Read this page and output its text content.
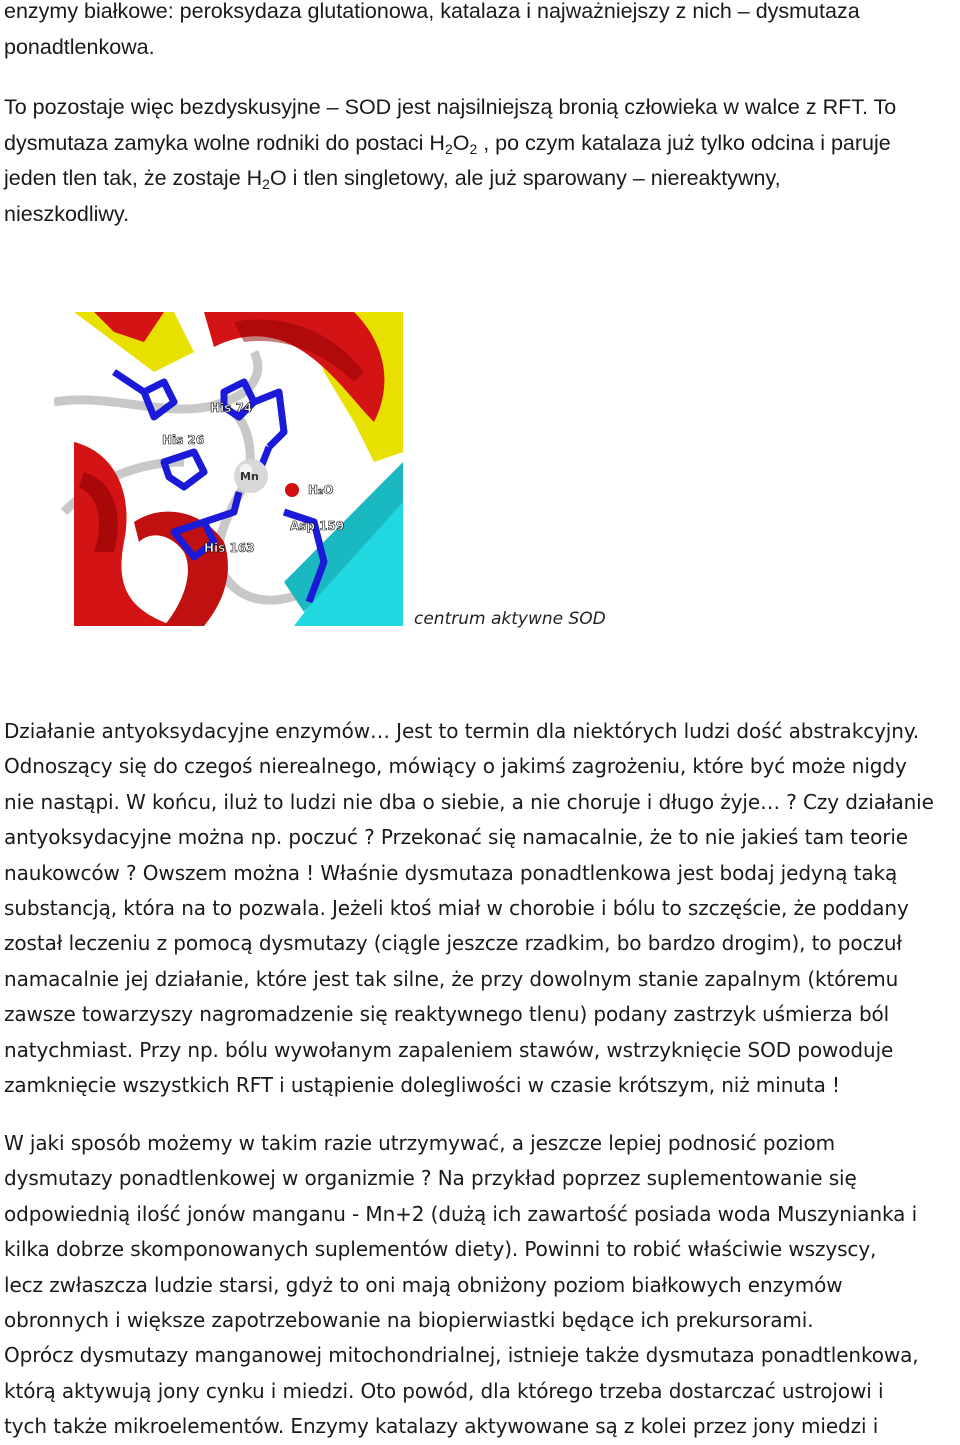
enzymy białkowe: peroksydaza glutationowa, katalaza i najważniejszy z nich – dysmutaza

ponadtlenkowa.

To pozostaje więc bezdyskusyjne – SOD jest najsilniejszą bronią człowieka w walce z RFT. To

dysmutaza zamyka wolne rodniki do postaci $H_2O_2$ , po czym katalaza już tylko odcina i paruje

jeden tlen tak, że zostaje $H_2O$ i tlen singletowy, ale już sparowany – niereaktywny,

nieszkodliwy.

His 74
His 26
Mn
H₂O
Asp 159
His 163
centrum aktywne SOD

Działanie antyoksydacyjne enzymów… Jest to termin dla niektórych ludzi dość abstrakcyjny.

Odnoszący się do czegoś nierealnego, mówiący o jakimś zagrożeniu, które być może nigdy

nie nastąpi. W końcu, iluż to ludzi nie dba o siebie, a nie choruje i długo żyje… ? Czy działanie

antyoksydacyjne można np. poczuć ? Przekonać się namacalnie, że to nie jakieś tam teorie

naukowców ? Owszem można ! Właśnie dysmutaza ponadtlenkowa jest bodaj jedyną taką

substancją, która na to pozwala. Jeżeli ktoś miał w chorobie i bólu to szczęście, że poddany

został leczeniu z pomocą dysmutazy (ciągle jeszcze rzadkim, bo bardzo drogim), to poczuł

namacalnie jej działanie, które jest tak silne, że przy dowolnym stanie zapalnym (któremu

zawsze towarzyszy nagromadzenie się reaktywnego tlenu) podany zastrzyk uśmierza ból

natychmiast. Przy np. bólu wywołanym zapaleniem stawów, wstrzyknięcie SOD powoduje

zamknięcie wszystkich RFT i ustąpienie dolegliwości w czasie krótszym, niż minuta !

W jaki sposób możemy w takim razie utrzymywać, a jeszcze lepiej podnosić poziom

dysmutazy ponadtlenkowej w organizmie ? Na przykład poprzez suplementowanie się

odpowiednią ilość jonów manganu - Mn+2 (dużą ich zawartość posiada woda Muszynianka i

kilka dobrze skomponowanych suplementów diety). Powinni to robić właściwie wszyscy,

lecz zwłaszcza ludzie starsi, gdyż to oni mają obniżony poziom białkowych enzymów

obronnych i większe zapotrzebowanie na biopierwiastki będące ich prekursorami.

Oprócz dysmutazy manganowej mitochondrialnej, istnieje także dysmutaza ponadtlenkowa,

którą aktywują jony cynku i miedzi. Oto powód, dla którego trzeba dostarczać ustrojowi i

tych także mikroelementów. Enzymy katalazy aktywowane są z kolei przez jony miedzi i
